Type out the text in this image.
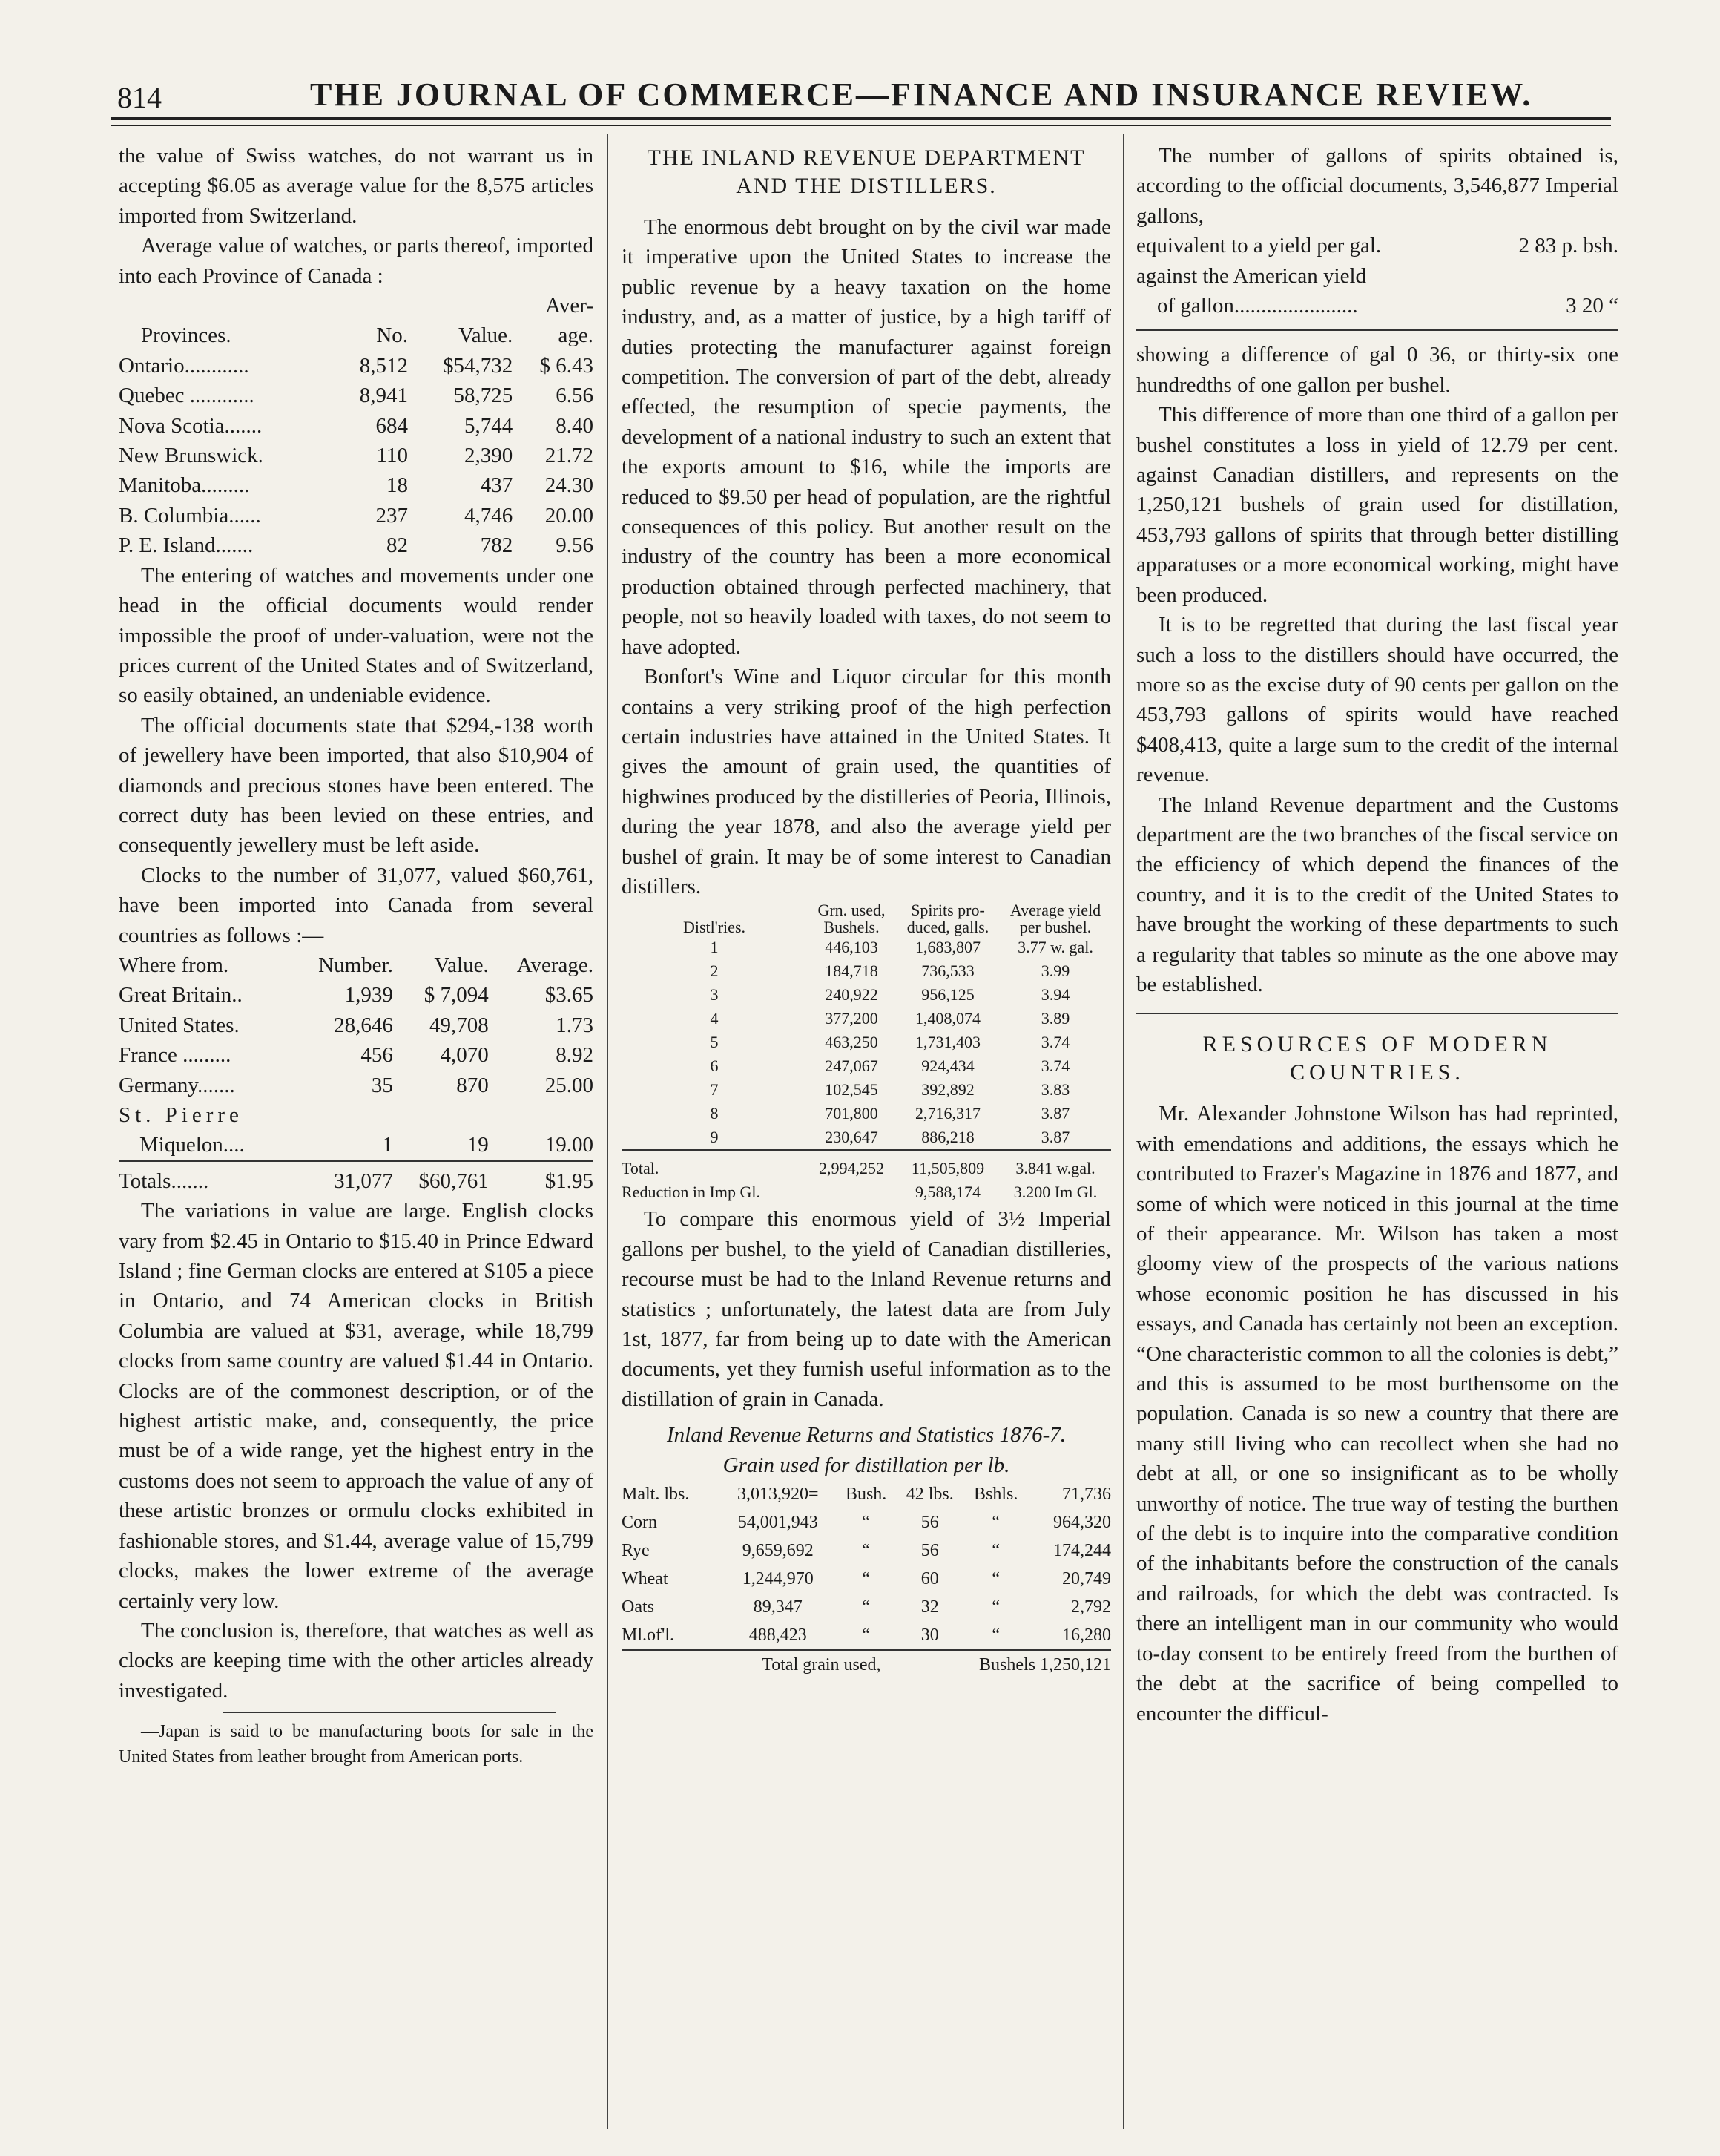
814	THE JOURNAL OF COMMERCE—FINANCE AND INSURANCE REVIEW.

the value of Swiss watches, do not warrant us in accepting $6.05 as average value for the 8,575 articles imported from Switzerland.

Average value of watches, or parts thereof, imported into each Province of Canada :

			Aver-
Provinces.	No.	Value.	age.
Ontario............	8,512	$54,732	$ 6.43
Quebec ............	8,941	58,725	6.56
Nova Scotia.......	684	5,744	8.40
New Brunswick.	110	2,390	21.72
Manitoba.........	18	437	24.30
B. Columbia......	237	4,746	20.00
P. E. Island.......	82	782	9.56

The entering of watches and movements under one head in the official documents would render impossible the proof of under-valuation, were not the prices current of the United States and of Switzerland, so easily obtained, an undeniable evidence.

The official documents state that $294,-138 worth of jewellery have been imported, that also $10,904 of diamonds and precious stones have been entered. The correct duty has been levied on these entries, and consequently jewellery must be left aside.

Clocks to the number of 31,077, valued $60,761, have been imported into Canada from several countries as follows :—

Where from.	Number.	Value.	Average.
Great Britain..	1,939	$ 7,094	$3.65
United States.	28,646	49,708	1.73
France .........	456	4,070	8.92
Germany.......	35	870	25.00
St. Pierre			
Miquelon....	1	19	19.00
Totals.......	31,077	$60,761	$1.95

The variations in value are large. English clocks vary from $2.45 in Ontario to $15.40 in Prince Edward Island ; fine German clocks are entered at $105 a piece in Ontario, and 74 American clocks in British Columbia are valued at $31, average, while 18,799 clocks from same country are valued $1.44 in Ontario. Clocks are of the commonest description, or of the highest artistic make, and, consequently, the price must be of a wide range, yet the highest entry in the customs does not seem to approach the value of any of these artistic bronzes or ormulu clocks exhibited in fashionable stores, and $1.44, average value of 15,799 clocks, makes the lower extreme of the average certainly very low.

The conclusion is, therefore, that watches as well as clocks are keeping time with the other articles already investigated.

—Japan is said to be manufacturing boots for sale in the United States from leather brought from American ports.

THE INLAND REVENUE DEPARTMENT AND THE DISTILLERS.

The enormous debt brought on by the civil war made it imperative upon the United States to increase the public revenue by a heavy taxation on the home industry, and, as a matter of justice, by a high tariff of duties protecting the manufacturer against foreign competition. The conversion of part of the debt, already effected, the resumption of specie payments, the development of a national industry to such an extent that the exports amount to $16, while the imports are reduced to $9.50 per head of population, are the rightful consequences of this policy. But another result on the industry of the country has been a more economical production obtained through perfected machinery, that people, not so heavily loaded with taxes, do not seem to have adopted.

Bonfort's Wine and Liquor circular for this month contains a very striking proof of the high perfection certain industries have attained in the United States. It gives the amount of grain used, the quantities of highwines produced by the distilleries of Peoria, Illinois, during the year 1878, and also the average yield per bushel of grain. It may be of some interest to Canadian distillers.

Distl'ries.	Grn. used, Bushels.	Spirits pro-duced, galls.	Average yield per bushel.
1	446,103	1,683,807	3.77 w. gal.
2	184,718	736,533	3.99
3	240,922	956,125	3.94
4	377,200	1,408,074	3.89
5	463,250	1,731,403	3.74
6	247,067	924,434	3.74
7	102,545	392,892	3.83
8	701,800	2,716,317	3.87
9	230,647	886,218	3.87
Total.	2,994,252	11,505,809	3.841 w.gal.
Reduction in Imp Gl.		9,588,174	3.200 Im Gl.

To compare this enormous yield of 3½ Imperial gallons per bushel, to the yield of Canadian distilleries, recourse must be had to the Inland Revenue returns and statistics ; unfortunately, the latest data are from July 1st, 1877, far from being up to date with the American documents, yet they furnish useful information as to the distillation of grain in Canada.

Inland Revenue Returns and Statistics 1876-7.

Grain used for distillation per lb.

Malt. lbs.	3,013,920=	Bush.	42 lbs.	Bshls.	71,736
Corn	54,001,943	“	56	“	964,320
Rye	9,659,692	“	56	“	174,244
Wheat	1,244,970	“	60	“	20,749
Oats	89,347	“	32	“	2,792
Ml.of'l.	488,423	“	30	“	16,280
Total grain used,			Bushels 1,250,121		

The number of gallons of spirits obtained is, according to the official documents, 3,546,877 Imperial gallons,

equivalent to a yield per gal.	2 83 p. bsh.
against the American yield	
of gallon.......................	3 20 “

showing a difference of gal 0 36, or thirty-six one hundredths of one gallon per bushel.

This difference of more than one third of a gallon per bushel constitutes a loss in yield of 12.79 per cent. against Canadian distillers, and represents on the 1,250,121 bushels of grain used for distillation, 453,793 gallons of spirits that through better distilling apparatuses or a more economical working, might have been produced.

It is to be regretted that during the last fiscal year such a loss to the distillers should have occurred, the more so as the excise duty of 90 cents per gallon on the 453,793 gallons of spirits would have reached $408,413, quite a large sum to the credit of the internal revenue.

The Inland Revenue department and the Customs department are the two branches of the fiscal service on the efficiency of which depend the finances of the country, and it is to the credit of the United States to have brought the working of these departments to such a regularity that tables so minute as the one above may be established.

RESOURCES OF MODERN COUNTRIES.

Mr. Alexander Johnstone Wilson has had reprinted, with emendations and additions, the essays which he contributed to Frazer's Magazine in 1876 and 1877, and some of which were noticed in this journal at the time of their appearance. Mr. Wilson has taken a most gloomy view of the prospects of the various nations whose economic position he has discussed in his essays, and Canada has certainly not been an exception. “One characteristic common to all the colonies is debt,” and this is assumed to be most burthensome on the population. Canada is so new a country that there are many still living who can recollect when she had no debt at all, or one so insignificant as to be wholly unworthy of notice. The true way of testing the burthen of the debt is to inquire into the comparative condition of the inhabitants before the construction of the canals and railroads, for which the debt was contracted. Is there an intelligent man in our community who would to-day consent to be entirely freed from the burthen of the debt at the sacrifice of being compelled to encounter the difficul-
